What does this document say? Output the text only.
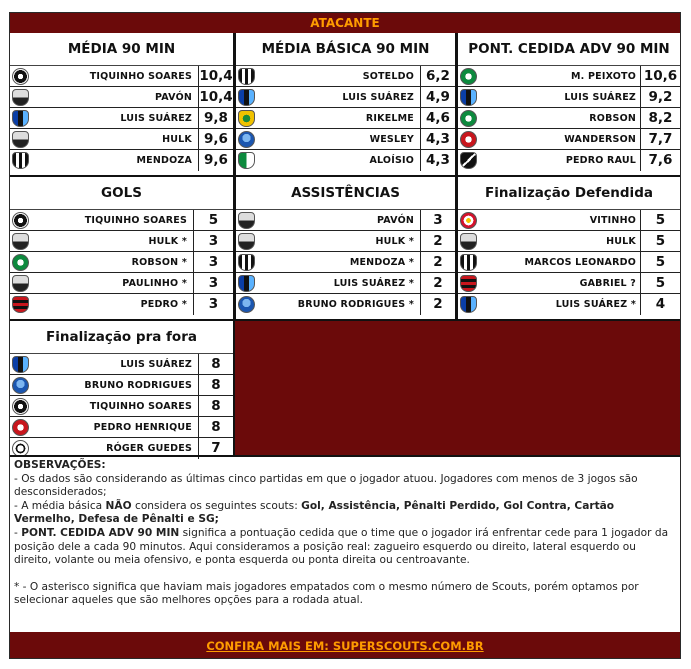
ATACANTE
MÉDIA 90 MIN
TIQUINHO SOARES 10,4
PAVÓN 10,4
LUIS SUÁREZ 9,8
HULK 9,6
MENDOZA 9,6
MÉDIA BÁSICA 90 MIN
SOTELDO 6,2
LUIS SUÁREZ 4,9
RIKELME 4,6
WESLEY 4,3
ALOÍSIO 4,3
PONT. CEDIDA ADV 90 MIN
M. PEIXOTO 10,6
LUIS SUÁREZ 9,2
ROBSON 8,2
WANDERSON 7,7
PEDRO RAUL 7,6
GOLS
TIQUINHO SOARES	5
HULK *	3
ROBSON *	3
PAULINHO *	3
PEDRO *	3
ASSISTÊNCIAS
PAVÓN	3
HULK *	2
MENDOZA *	2
LUIS SUÁREZ *	2
BRUNO RODRIGUES *	2
Finalização Defendida
VITINHO	5
HULK	5
MARCOS LEONARDO	5
GABRIEL ?	5
LUIS SUÁREZ *	4
Finalização pra fora
LUIS SUÁREZ	8
BRUNO RODRIGUES	8
TIQUINHO SOARES	8
PEDRO HENRIQUE	8
RÓGER GUEDES	7

OBSERVAÇÕES:

- Os dados são considerando as últimas cinco partidas em que o jogador atuou. Jogadores com menos de 3 jogos são desconsiderados;

- A média básica NÃO considera os seguintes scouts: Gol, Assistência, Pênalti Perdido, Gol Contra, Cartão Vermelho, Defesa de Pênalti e SG;

- PONT. CEDIDA ADV 90 MIN significa a pontuação cedida que o time que o jogador irá enfrentar cede para 1 jogador da posição dele a cada 90 minutos. Aqui consideramos a posição real: zagueiro esquerdo ou direito, lateral esquerdo ou direito, volante ou meia ofensivo, e ponta esquerda ou ponta direita ou centroavante.

* - O asterisco significa que haviam mais jogadores empatados com o mesmo número de Scouts, porém optamos por selecionar aqueles que são melhores opções para a rodada atual.

CONFIRA MAIS EM: SUPERSCOUTS.COM.BR
